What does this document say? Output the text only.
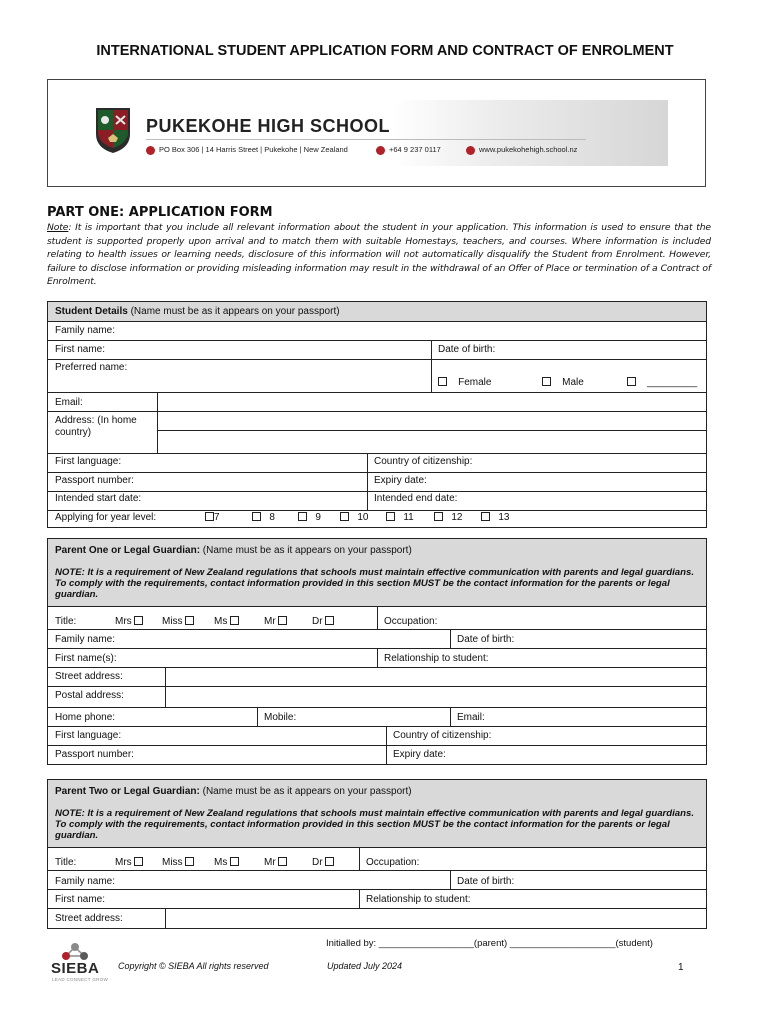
INTERNATIONAL STUDENT APPLICATION FORM AND CONTRACT OF ENROLMENT
PUKEKOHE HIGH SCHOOL
PO Box 306 | 14 Harris Street | Pukekohe | New Zealand	+64 9 237 0117	www.pukekohehigh.school.nz
PART ONE: APPLICATION FORM
Note: It is important that you include all relevant information about the student in your application. This information is used to ensure that the student is supported properly upon arrival and to match them with suitable Homestays, teachers, and courses. Where information is included relating to health issues or learning needs, disclosure of this information will not automatically disqualify the Student from Enrolment. However, failure to disclose information or providing misleading information may result in the withdrawal of an Offer of Place or termination of a Contract of Enrolment.
Student Details (Name must be as it appears on your passport)
Family name:
First name:	Date of birth:
Preferred name:
Female	Male	_________
Email:
Address: (In home country)
First language:	Country of citizenship:
Passport number:	Expiry date:
Intended start date:	Intended end date:
Applying for year level:	7	8	9	10	11	12	13
Parent One or Legal Guardian: (Name must be as it appears on your passport)
NOTE: It is a requirement of New Zealand regulations that schools must maintain effective communication with parents and legal guardians. To comply with the requirements, contact information provided in this section MUST be the contact information for the parents or legal guardian.
Title:	Mrs	Miss	Ms	Mr	Dr	Occupation:
Family name:	Date of birth:
First name(s):	Relationship to student:
Street address:
Postal address:
Home phone:	Mobile:	Email:
First language:	Country of citizenship:
Passport number:	Expiry date:
Parent Two or Legal Guardian: (Name must be as it appears on your passport)
NOTE: It is a requirement of New Zealand regulations that schools must maintain effective communication with parents and legal guardians. To comply with the requirements, contact information provided in this section MUST be the contact information for the parents or legal guardian.
Title:	Mrs	Miss	Ms	Mr	Dr	Occupation:
Family name:	Date of birth:
First name:	Relationship to student:
Street address:
Initialled by: __________________(parent) ____________________(student)
SIEBA
LEAD CONNECT GROW
Copyright © SIEBA All rights reserved	Updated July 2024	1
